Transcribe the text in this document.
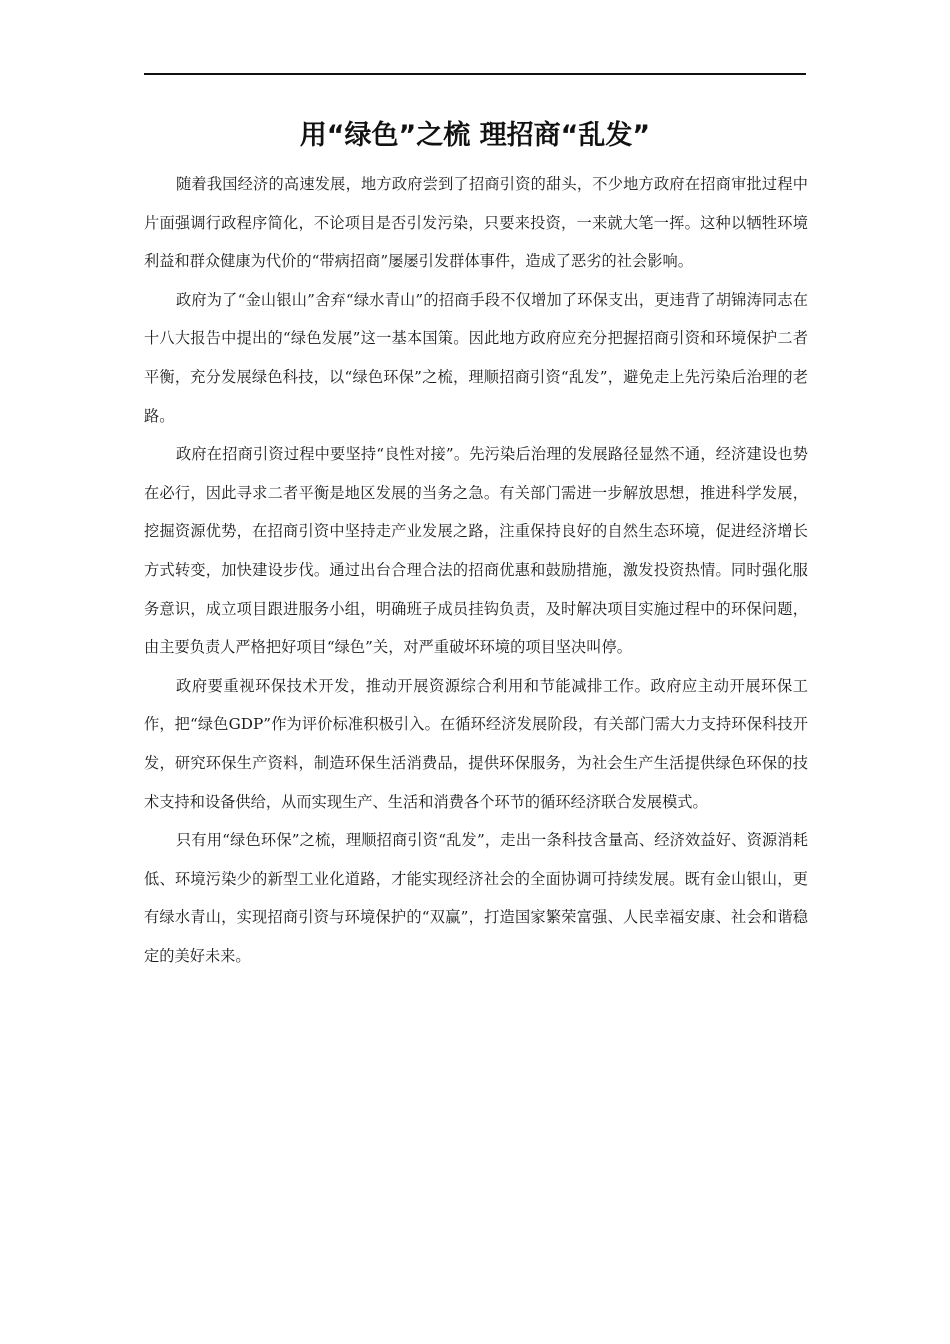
用“绿色”之梳 理招商“乱发”

随着我国经济的高速发展，地方政府尝到了招商引资的甜头，不少地方政府在招商审批过程中片面强调行政程序简化，不论项目是否引发污染，只要来投资，一来就大笔一挥。这种以牺牲环境利益和群众健康为代价的“带病招商”屡屡引发群体事件，造成了恶劣的社会影响。

政府为了“金山银山”舍弃“绿水青山”的招商手段不仅增加了环保支出，更违背了胡锦涛同志在十八大报告中提出的“绿色发展”这一基本国策。因此地方政府应充分把握招商引资和环境保护二者平衡，充分发展绿色科技，以“绿色环保”之梳，理顺招商引资“乱发”，避免走上先污染后治理的老路。

政府在招商引资过程中要坚持“良性对接”。先污染后治理的发展路径显然不通，经济建设也势在必行，因此寻求二者平衡是地区发展的当务之急。有关部门需进一步解放思想，推进科学发展，挖掘资源优势，在招商引资中坚持走产业发展之路，注重保持良好的自然生态环境，促进经济增长方式转变，加快建设步伐。通过出台合理合法的招商优惠和鼓励措施，激发投资热情。同时强化服务意识，成立项目跟进服务小组，明确班子成员挂钩负责，及时解决项目实施过程中的环保问题，由主要负责人严格把好项目“绿色”关，对严重破坏环境的项目坚决叫停。

政府要重视环保技术开发，推动开展资源综合利用和节能减排工作。政府应主动开展环保工作，把“绿色GDP”作为评价标准积极引入。在循环经济发展阶段，有关部门需大力支持环保科技开发，研究环保生产资料，制造环保生活消费品，提供环保服务，为社会生产生活提供绿色环保的技术支持和设备供给，从而实现生产、生活和消费各个环节的循环经济联合发展模式。

只有用“绿色环保”之梳，理顺招商引资“乱发”，走出一条科技含量高、经济效益好、资源消耗低、环境污染少的新型工业化道路，才能实现经济社会的全面协调可持续发展。既有金山银山，更有绿水青山，实现招商引资与环境保护的“双赢”，打造国家繁荣富强、人民幸福安康、社会和谐稳定的美好未来。
